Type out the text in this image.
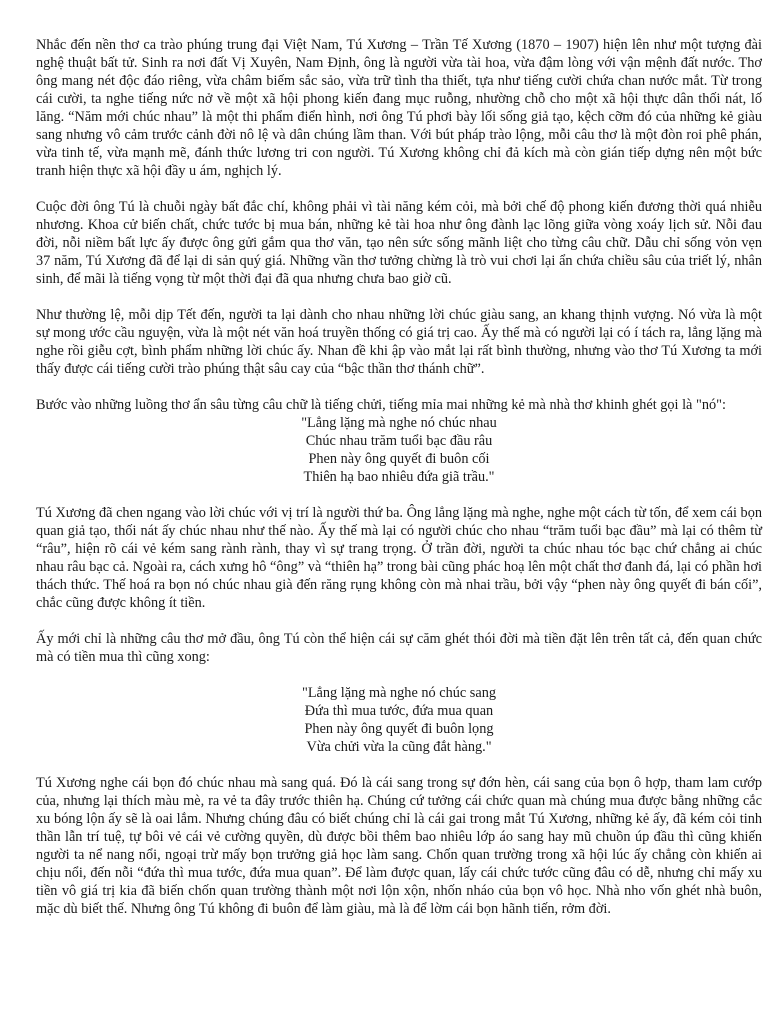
Nhắc đến nền thơ ca trào phúng trung đại Việt Nam, Tú Xương – Trần Tế Xương (1870 – 1907) hiện lên như một tượng đài nghệ thuật bất tử. Sinh ra nơi đất Vị Xuyên, Nam Định, ông là người vừa tài hoa, vừa đậm lòng với vận mệnh đất nước. Thơ ông mang nét độc đáo riêng, vừa châm biếm sắc sảo, vừa trữ tình tha thiết, tựa như tiếng cười chứa chan nước mắt. Từ trong cái cười, ta nghe tiếng nức nở về một xã hội phong kiến đang mục ruỗng, nhường chỗ cho một xã hội thực dân thối nát, lố lăng. “Năm mới chúc nhau” là một thi phẩm điển hình, nơi ông Tú phơi bày lối sống giả tạo, kệch cỡm đó của những kẻ giàu sang nhưng vô cảm trước cảnh đời nô lệ và dân chúng lầm than. Với bút pháp trào lộng, mỗi câu thơ là một đòn roi phê phán, vừa tinh tế, vừa mạnh mẽ, đánh thức lương tri con người. Tú Xương không chỉ đả kích mà còn gián tiếp dựng nên một bức tranh hiện thực xã hội đầy u ám, nghịch lý.

Cuộc đời ông Tú là chuỗi ngày bất đắc chí, không phải vì tài năng kém cỏi, mà bởi chế độ phong kiến đương thời quá nhiễu nhương. Khoa cử biến chất, chức tước bị mua bán, những kẻ tài hoa như ông đành lạc lõng giữa vòng xoáy lịch sử. Nỗi đau đời, nỗi niềm bất lực ấy được ông gửi gắm qua thơ văn, tạo nên sức sống mãnh liệt cho từng câu chữ. Dẫu chỉ sống vỏn vẹn 37 năm, Tú Xương đã để lại di sản quý giá. Những vần thơ tưởng chừng là trò vui chơi lại ẩn chứa chiều sâu của triết lý, nhân sinh, để mãi là tiếng vọng từ một thời đại đã qua nhưng chưa bao giờ cũ.

Như thường lệ, mỗi dịp Tết đến, người ta lại dành cho nhau những lời chúc giàu sang, an khang thịnh vượng. Nó vừa là một sự mong ước cầu nguyện, vừa là một nét văn hoá truyền thống có giá trị cao. Ấy thế mà có người lại có í tách ra, lẳng lặng mà nghe rồi giễu cợt, bình phẩm những lời chúc ấy. Nhan đề khi ập vào mắt lại rất bình thường, nhưng vào thơ Tú Xương ta mới thấy được cái tiếng cười trào phúng thật sâu cay của “bậc thần thơ thánh chữ”.

Bước vào những luồng thơ ẩn sâu từng câu chữ là tiếng chửi, tiếng mỉa mai những kẻ mà nhà thơ khinh ghét gọi là "nó":

"Lẳng lặng mà nghe nó chúc nhau
Chúc nhau trăm tuổi bạc đầu râu
Phen này ông quyết đi buôn cối
Thiên hạ bao nhiêu đứa giã trầu."

Tú Xương đã chen ngang vào lời chúc với vị trí là người thứ ba. Ông lẳng lặng mà nghe, nghe một cách từ tốn, để xem cái bọn quan giả tạo, thối nát ấy chúc nhau như thế nào. Ấy thế mà lại có người chúc cho nhau “trăm tuổi bạc đầu” mà lại có thêm từ “râu”, hiện rõ cái vẻ kém sang rành rành, thay vì sự trang trọng. Ở trần đời, người ta chúc nhau tóc bạc chứ chẳng ai chúc nhau râu bạc cả. Ngoài ra, cách xưng hô “ông” và “thiên hạ” trong bài cũng phác hoạ lên một chất thơ đanh đá, lại có phần hơi thách thức. Thế hoá ra bọn nó chúc nhau già đến răng rụng không còn mà nhai trầu, bởi vậy “phen này ông quyết đi bán cối”, chắc cũng được không ít tiền.

Ấy mới chỉ là những câu thơ mở đầu, ông Tú còn thể hiện cái sự căm ghét thói đời mà tiền đặt lên trên tất cả, đến quan chức mà có tiền mua thì cũng xong:

"Lẳng lặng mà nghe nó chúc sang
Đứa thì mua tước, đứa mua quan
Phen này ông quyết đi buôn lọng
Vừa chửi vừa la cũng đắt hàng."

Tú Xương nghe cái bọn đó chúc nhau mà sang quá. Đó là cái sang trong sự đớn hèn, cái sang của bọn ô hợp, tham lam cướp của, nhưng lại thích màu mè, ra vẻ ta đây trước thiên hạ. Chúng cứ tưởng cái chức quan mà chúng mua được bằng những cắc xu bóng lộn ấy sẽ là oai lắm. Nhưng chúng đâu có biết chúng chỉ là cái gai trong mắt Tú Xương, những kẻ ấy, đã kém cỏi tinh thần lẫn trí tuệ, tự bôi vẻ cái vẻ cường quyền, dù được bồi thêm bao nhiêu lớp áo sang hay mũ chuồn úp đầu thì cũng khiến người ta nể nang nổi, ngoại trừ mấy bọn trưởng giả học làm sang. Chốn quan trường trong xã hội lúc ấy chẳng còn khiến ai chịu nổi, đến nỗi “đứa thì mua tước, đứa mua quan”. Để làm được quan, lấy cái chức tước cũng đâu có dễ, nhưng chỉ mấy xu tiền vô giá trị kia đã biến chốn quan trường thành một nơi lộn xộn, nhốn nháo của bọn vô học. Nhà nho vốn ghét nhà buôn, mặc dù biết thế. Nhưng ông Tú không đi buôn để làm giàu, mà là để lờm cái bọn hãnh tiến, rởm đời.
